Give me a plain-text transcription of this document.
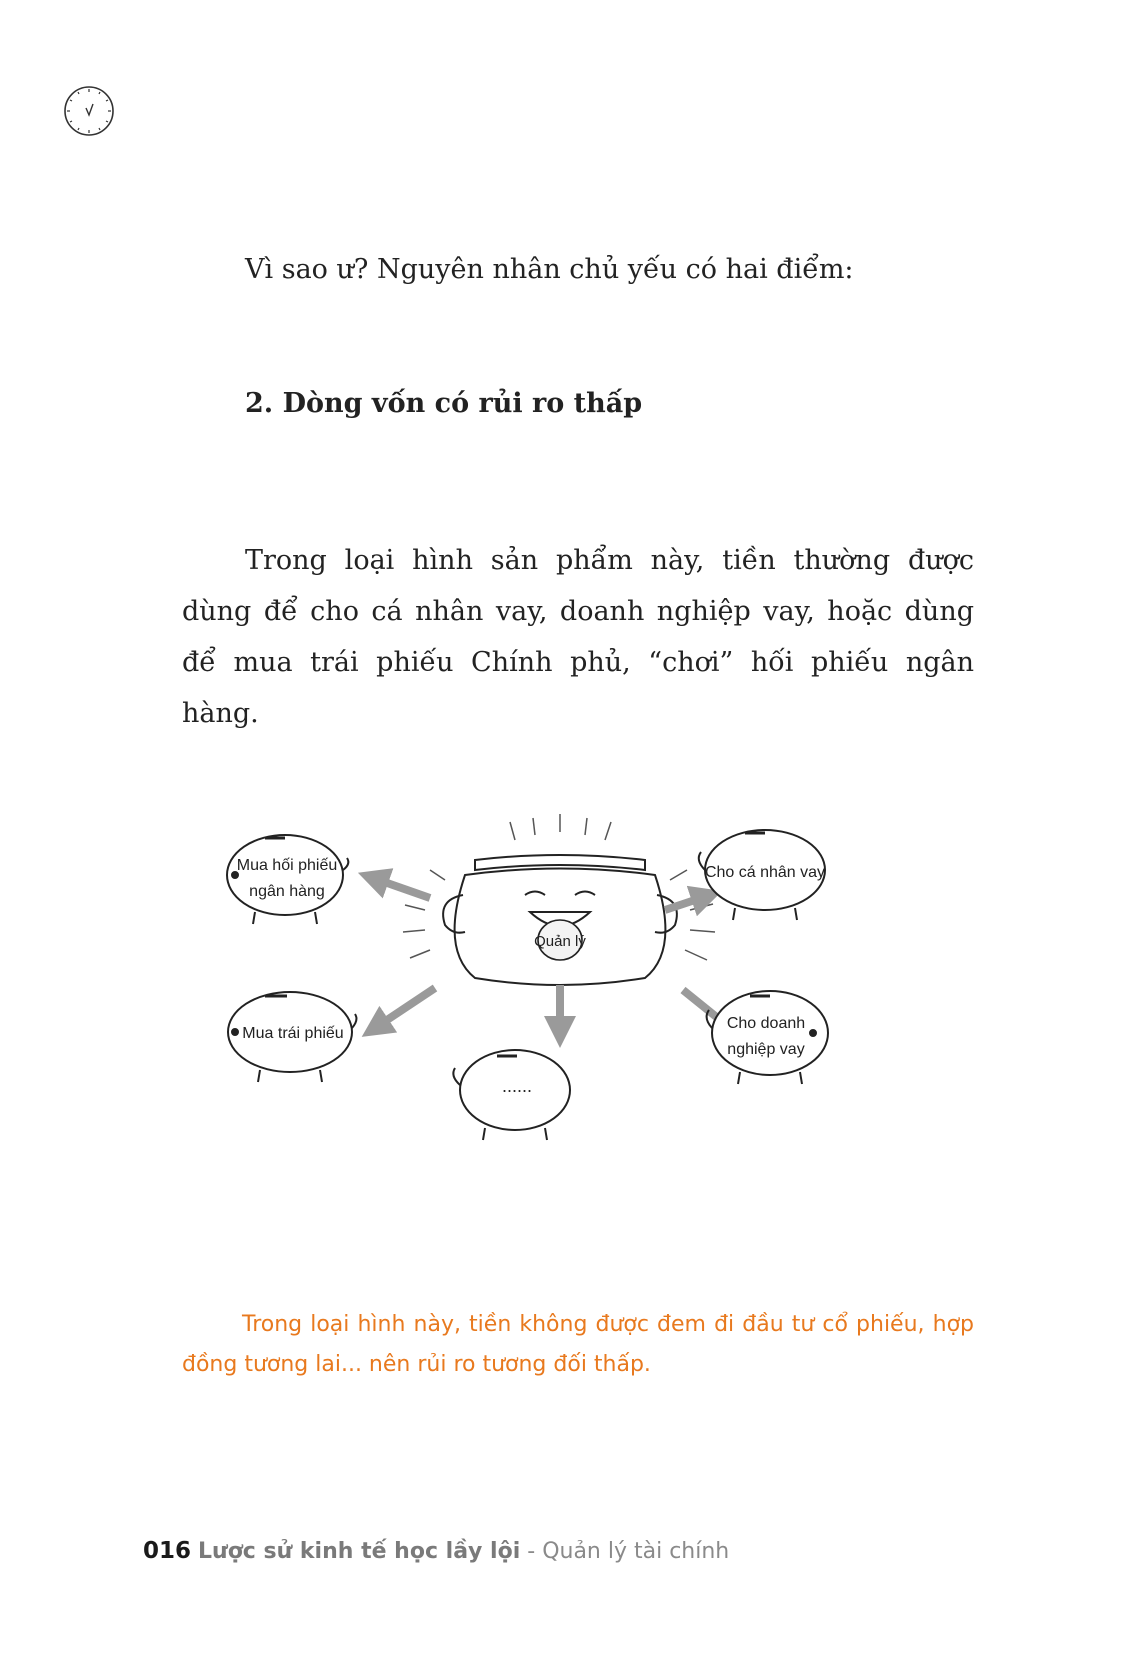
Vì sao ư? Nguyên nhân chủ yếu có hai điểm:

2. Dòng vốn có rủi ro thấp

Trong loại hình sản phẩm này, tiền thường được dùng để cho cá nhân vay, doanh nghiệp vay, hoặc dùng để mua trái phiếu Chính phủ, “chơi” hối phiếu ngân hàng.

Quản lý
Mua hối phiếu
ngân hàng
Cho cá nhân vay
Mua trái phiếu
......
Cho doanh
nghiệp vay

Trong loại hình này, tiền không được đem đi đầu tư cổ phiếu, hợp đồng tương lai... nên rủi ro tương đối thấp.

016 Lược sử kinh tế học lầy lội - Quản lý tài chính
